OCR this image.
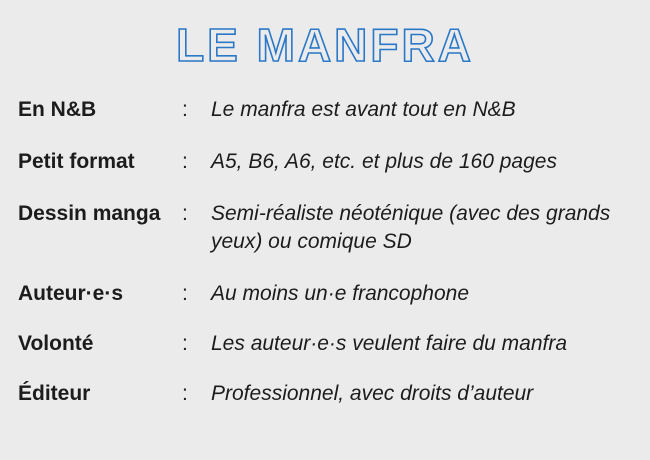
LE MANFRA
En N&B	: Le manfra est avant tout en N&B
Petit format : A5, B6, A6, etc. et plus de 160 pages
Dessin manga : Semi-réaliste néoténique (avec des grands yeux) ou comique SD
Auteur·e·s	: Au moins un·e francophone
Volonté	: Les auteur·e·s veulent faire du manfra
Éditeur	: Professionnel, avec droits d’auteur
